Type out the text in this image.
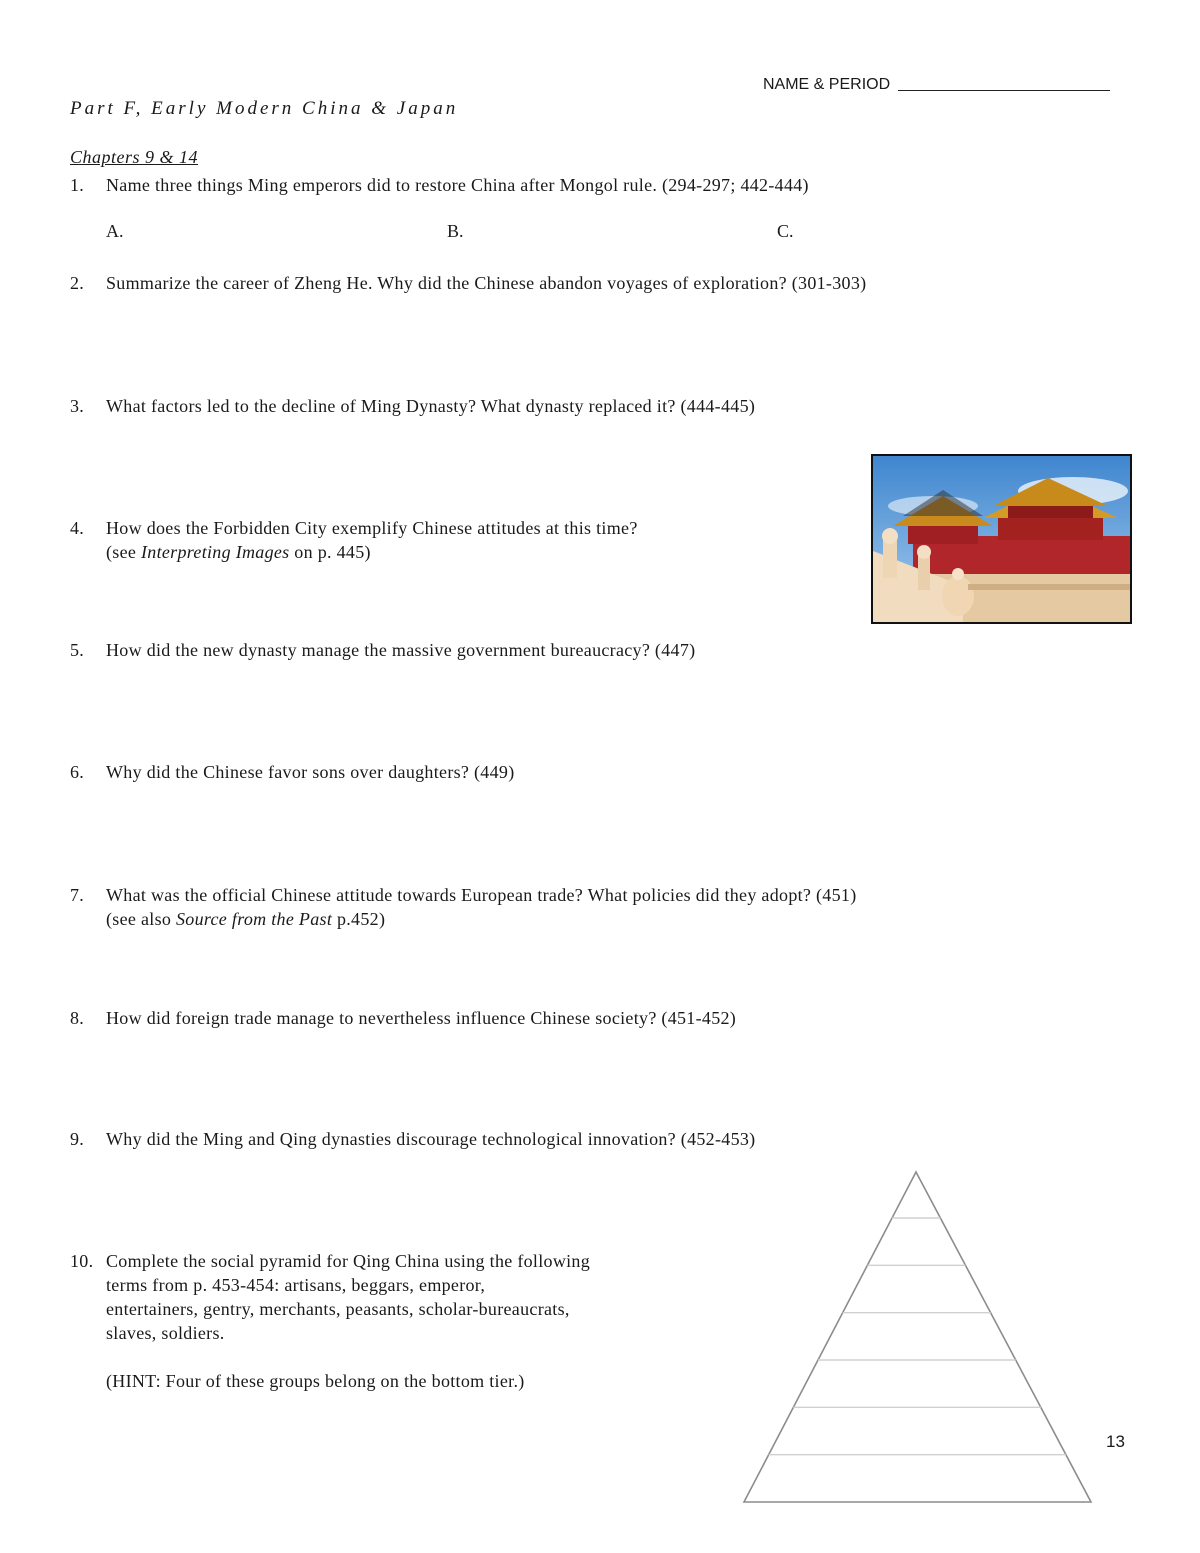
NAME & PERIOD
Part F, Early Modern China & Japan
Chapters 9 & 14
1. Name three things Ming emperors did to restore China after Mongol rule. (294-297; 442-444)
A.	B.	C.
2. Summarize the career of Zheng He. Why did the Chinese abandon voyages of exploration? (301-303)
3. What factors led to the decline of Ming Dynasty? What dynasty replaced it? (444-445)
4. How does the Forbidden City exemplify Chinese attitudes at this time?
(see Interpreting Images on p. 445)
5. How did the new dynasty manage the massive government bureaucracy? (447)
6. Why did the Chinese favor sons over daughters? (449)
7. What was the official Chinese attitude towards European trade? What policies did they adopt? (451)
(see also Source from the Past p.452)
8. How did foreign trade manage to nevertheless influence Chinese society? (451-452)
9. Why did the Ming and Qing dynasties discourage technological innovation? (452-453)
10. Complete the social pyramid for Qing China using the following
terms from p. 453-454: artisans, beggars, emperor,
entertainers, gentry, merchants, peasants, scholar-bureaucrats,
slaves, soldiers.
(HINT: Four of these groups belong on the bottom tier.)
13
